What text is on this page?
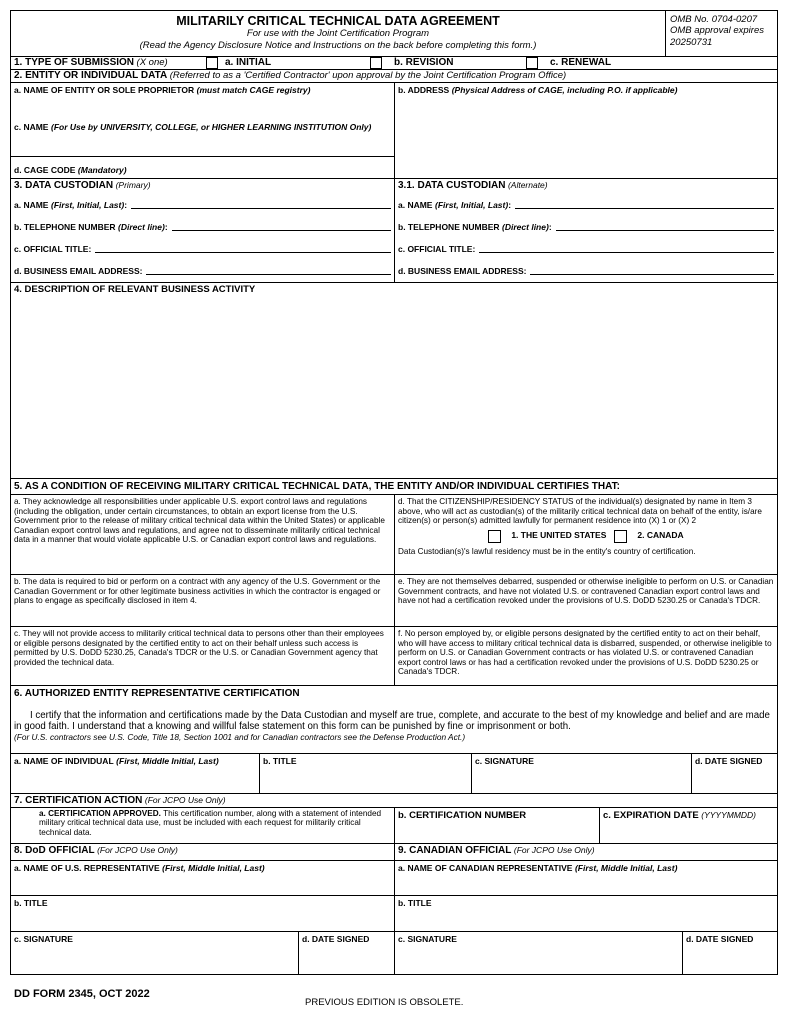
MILITARILY CRITICAL TECHNICAL DATA AGREEMENT
For use with the Joint Certification Program
(Read the Agency Disclosure Notice and Instructions on the back before completing this form.)
OMB No. 0704-0207
OMB approval expires
20250731
1. TYPE OF SUBMISSION (X one)	a. INITIAL	b. REVISION	c. RENEWAL
2. ENTITY OR INDIVIDUAL DATA
(Referred to as a 'Certified Contractor' upon approval by the Joint Certification Program Office)
a. NAME OF ENTITY OR SOLE PROPRIETOR (must match CAGE registry)
c. NAME (For Use by UNIVERSITY, COLLEGE, or HIGHER LEARNING INSTITUTION Only)
d. CAGE CODE
(Mandatory)
b. ADDRESS (Physical Address of CAGE, including P.O. if applicable)
3. DATA CUSTODIAN (Primary)
a. NAME
(First, Initial, Last) :
b. TELEPHONE NUMBER
(Direct line) :
c. OFFICIAL TITLE:
d. BUSINESS EMAIL ADDRESS:
3.1. DATA CUSTODIAN (Alternate)
a. NAME
(First, Initial, Last) :
b. TELEPHONE NUMBER
(Direct line) :
c. OFFICIAL TITLE:
d. BUSINESS EMAIL ADDRESS:
4. DESCRIPTION OF RELEVANT BUSINESS ACTIVITY
5. AS A CONDITION OF RECEIVING MILITARY CRITICAL TECHNICAL DATA, THE ENTITY AND/OR INDIVIDUAL CERTIFIES THAT:
a. They acknowledge all responsibilities under applicable U.S. export control laws and regulations (including the obligation, under certain circumstances, to obtain an export license from the U.S. Government prior to the release of military critical technical data within the United States) or applicable Canadian export control laws and regulations, and agree not to disseminate militarily critical technical data in a manner that would violate applicable U.S. or Canadian export control laws and regulations.
d. That the CITIZENSHIP/RESIDENCY STATUS of the individual(s) designated by name in Item 3 above, who will act as custodian(s) of the militarily critical technical data on behalf of the entity, is/are citizen(s) or person(s) admitted lawfully for permanent residence into (X) 1 or (X) 2
1. THE UNITED STATES	2. CANADA
Data Custodian(s)'s lawful residency must be in the entity's country of certification.
b. The data is required to bid or perform on a contract with any agency of the U.S. Government or the Canadian Government or for other legitimate business activities in which the contractor is engaged or plans to engage as specifically disclosed in item 4.
e. They are not themselves debarred, suspended or otherwise ineligible to perform on U.S. or Canadian Government contracts, and have not violated U.S. or contravened Canadian export control laws and have not had a certification revoked under the provisions of U.S. DoDD 5230.25 or Canada's TDCR.
c. They will not provide access to militarily critical technical data to persons other than their employees or eligible persons designated by the certified entity to act on their behalf unless such access is permitted by U.S. DoDD 5230.25, Canada's TDCR or the U.S. or Canadian Government agency that provided the technical data.
f. No person employed by, or eligible persons designated by the certified entity to act on their behalf, who will have access to military critical technical data is disbarred, suspended, or otherwise ineligible to perform on U.S. or Canadian Government contracts or has violated U.S. or contravened Canadian export control laws or has had a certification revoked under the provisions of U.S. DoDD 5230.25 or Canada's TDCR.
6. AUTHORIZED ENTITY REPRESENTATIVE CERTIFICATION
I certify that the information and certifications made by the Data Custodian and myself are true, complete, and accurate to the best of my knowledge and belief and are made in good faith. I understand that a knowing and willful false statement on this form can be punished by fine or imprisonment or both.
(For U.S. contractors see U.S. Code, Title 18, Section 1001 and for Canadian contractors see the Defense Production Act.)
a. NAME OF INDIVIDUAL (First, Middle Initial, Last)	b. TITLE	c. SIGNATURE	d. DATE SIGNED
7. CERTIFICATION ACTION
(For JCPO Use Only)
a. CERTIFICATION APPROVED. This certification number, along with a statement of intended military critical technical data use, must be included with each request for militarily critical technical data.
b. CERTIFICATION NUMBER	c. EXPIRATION DATE (YYYYMMDD)
8. DoD OFFICIAL (For JCPO Use Only)
a. NAME OF U.S. REPRESENTATIVE (First, Middle Initial, Last)
b. TITLE
c. SIGNATURE	d. DATE SIGNED
9. CANADIAN OFFICIAL (For JCPO Use Only)
a. NAME OF CANADIAN REPRESENTATIVE (First, Middle Initial, Last)
b. TITLE
c. SIGNATURE	d. DATE SIGNED
DD FORM 2345, OCT 2022
PREVIOUS EDITION IS OBSOLETE.
